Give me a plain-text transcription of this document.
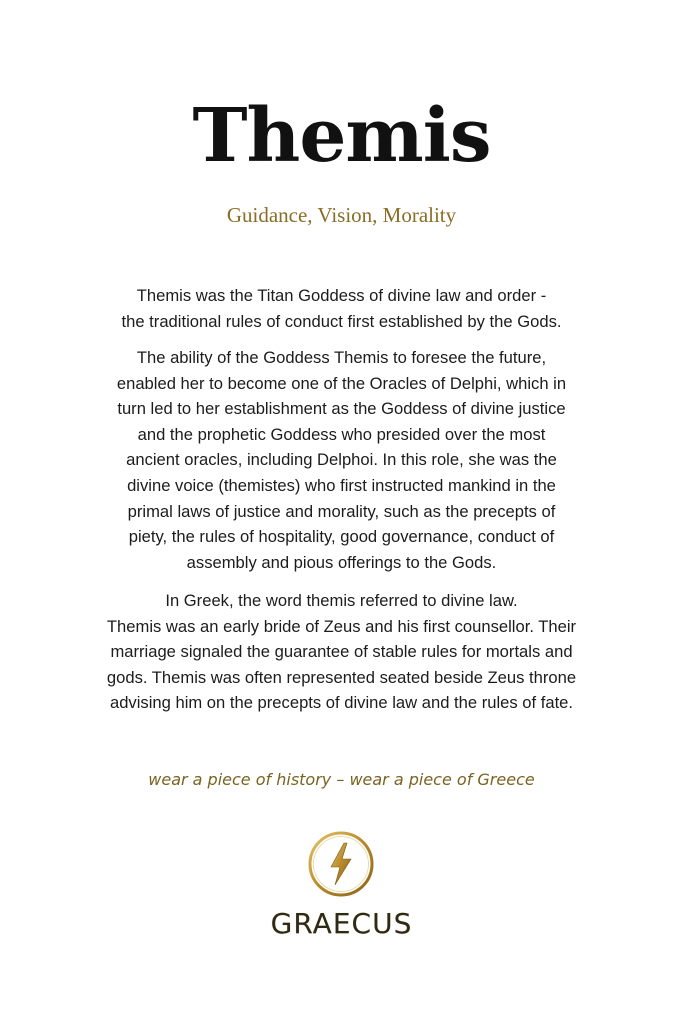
Themis

Guidance, Vision, Morality

Themis was the Titan Goddess of divine law and order -
the traditional rules of conduct first established by the Gods.

The ability of the Goddess Themis to foresee the future,
enabled her to become one of the Oracles of Delphi, which in
turn led to her establishment as the Goddess of divine justice
and the prophetic Goddess who presided over the most
ancient oracles, including Delphoi. In this role, she was the
divine voice (themistes) who first instructed mankind in the
primal laws of justice and morality, such as the precepts of
piety, the rules of hospitality, good governance, conduct of
assembly and pious offerings to the Gods.

In Greek, the word themis referred to divine law.
Themis was an early bride of Zeus and his first counsellor. Their
marriage signaled the guarantee of stable rules for mortals and
gods. Themis was often represented seated beside Zeus throne
advising him on the precepts of divine law and the rules of fate.

wear a piece of history – wear a piece of Greece

GRAECUS
